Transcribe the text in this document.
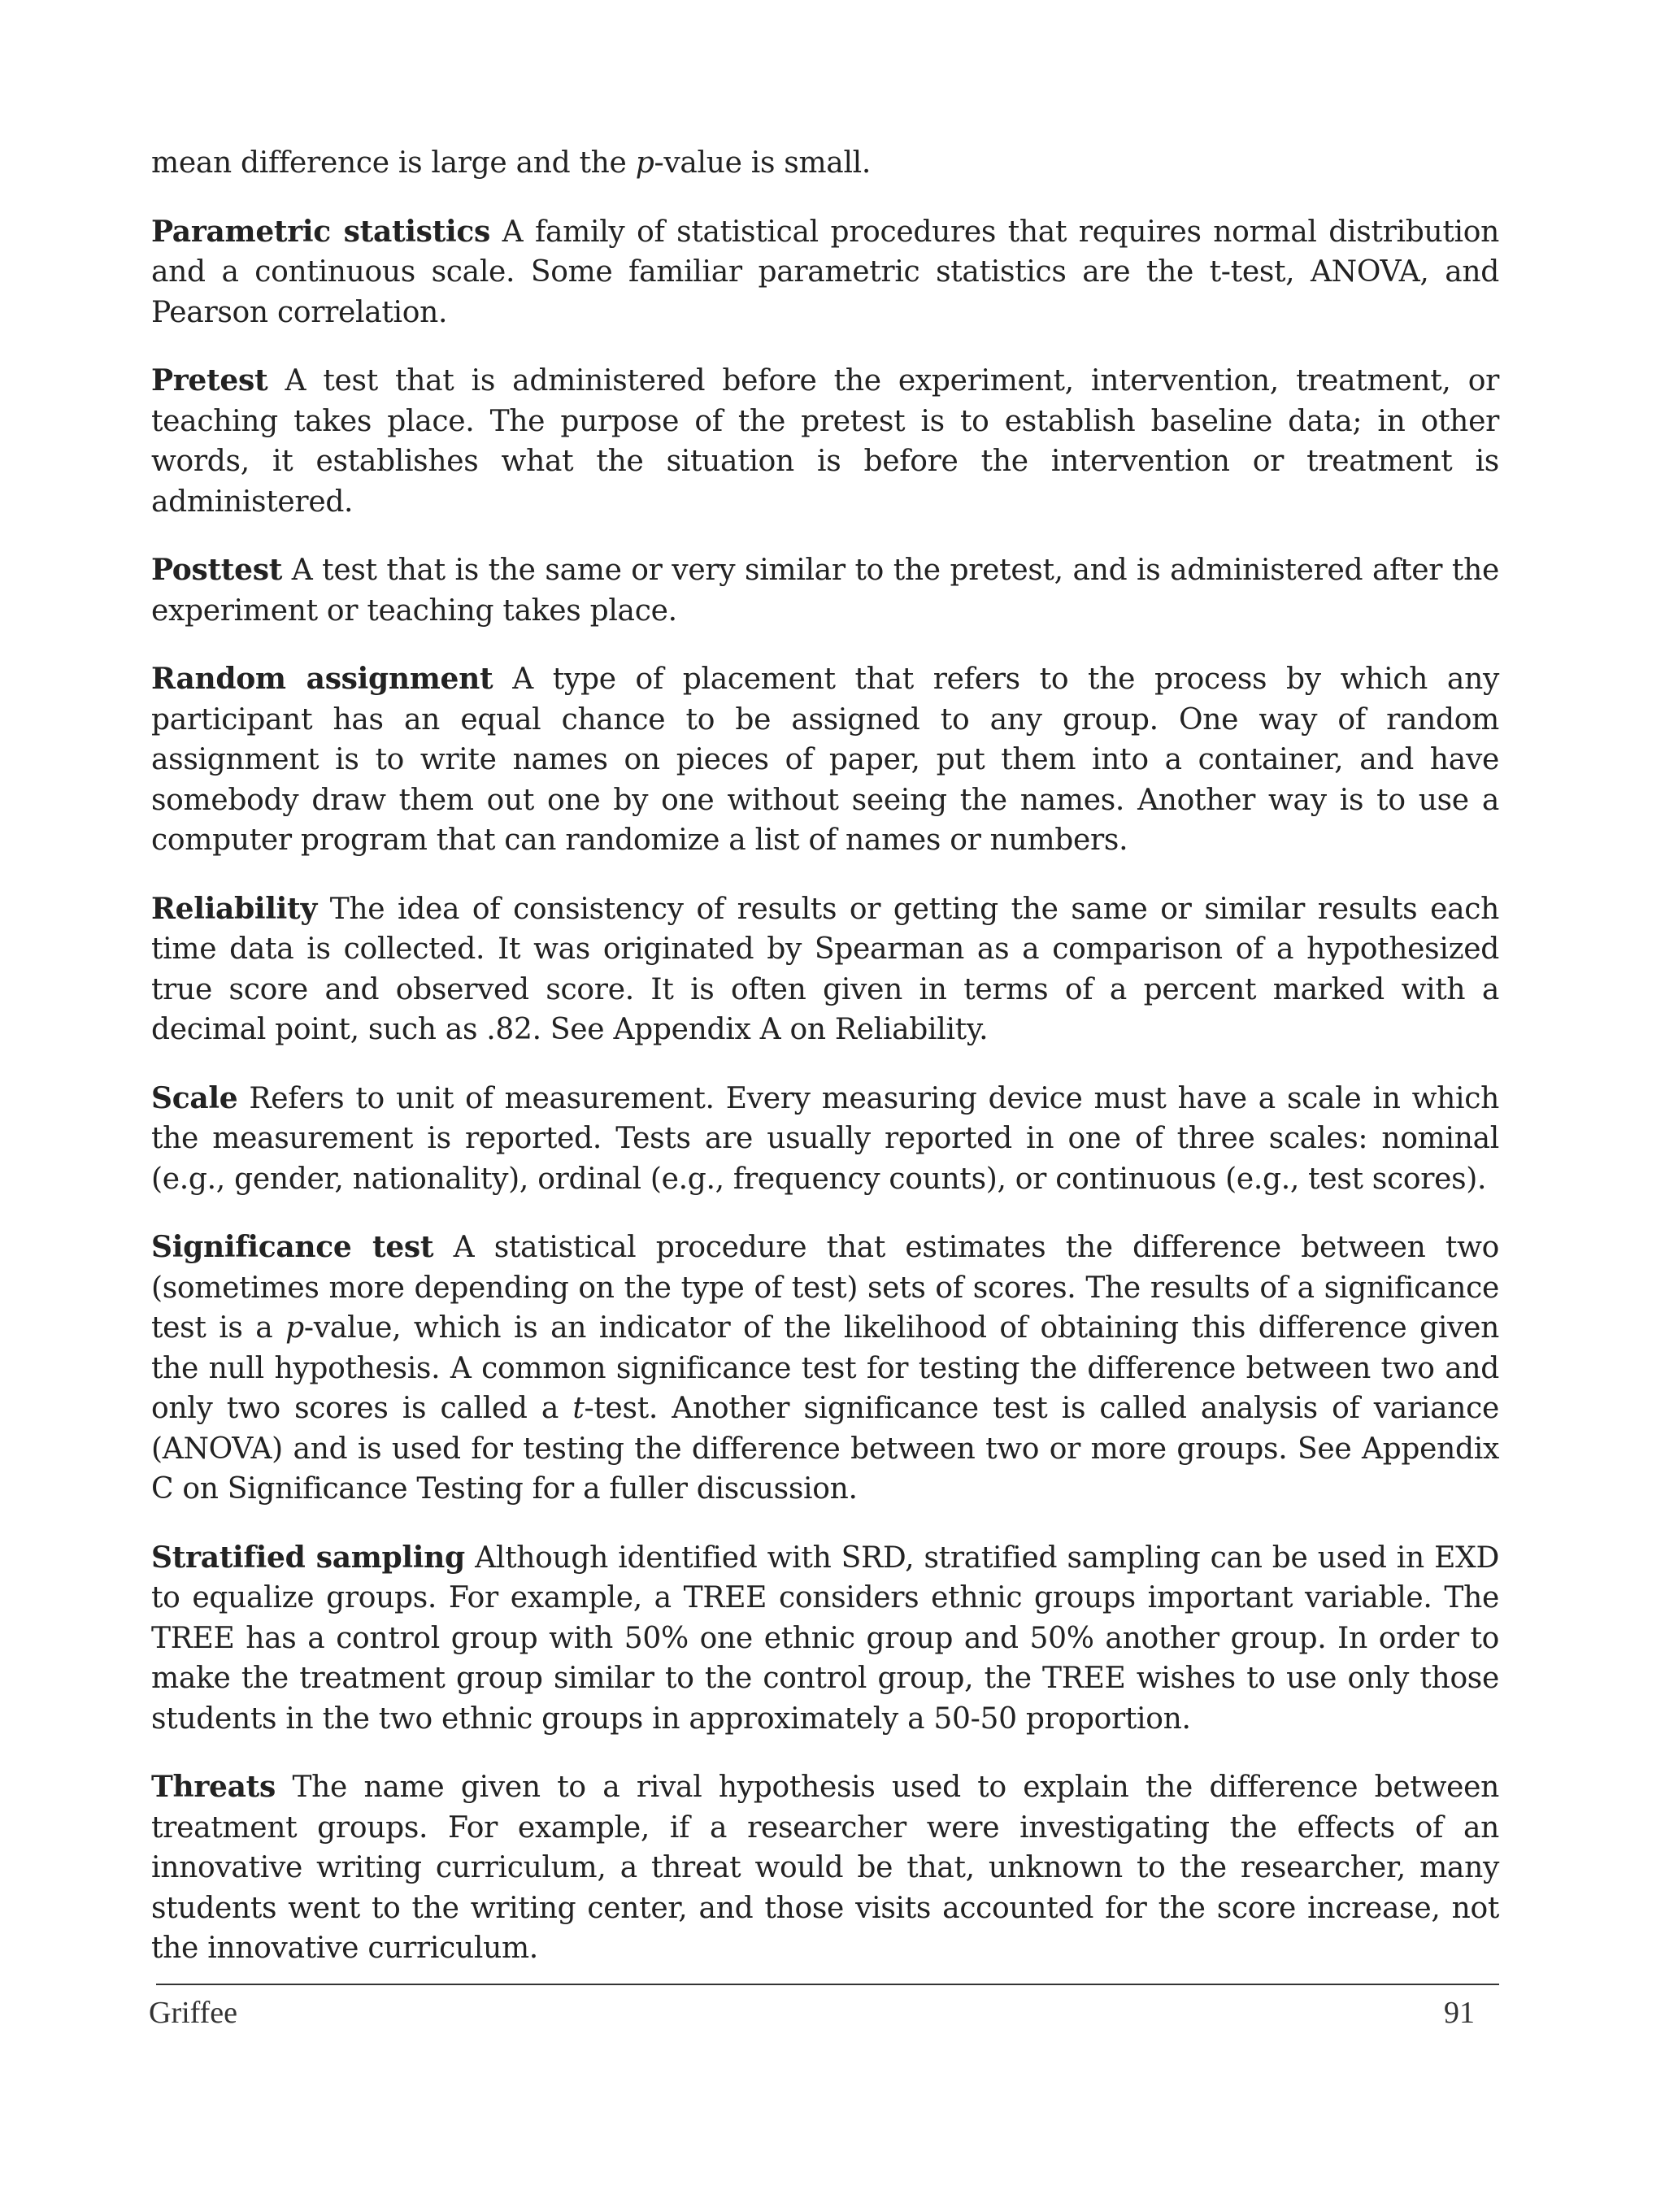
mean difference is large and the p-value is small.

Parametric statistics A family of statistical procedures that requires normal distribution and a continuous scale. Some familiar parametric statistics are the t-test, ANOVA, and Pearson correlation.

Pretest A test that is administered before the experiment, intervention, treatment, or teaching takes place. The purpose of the pretest is to establish baseline data; in other words, it establishes what the situation is before the intervention or treatment is administered.

Posttest A test that is the same or very similar to the pretest, and is administered after the experiment or teaching takes place.

Random assignment A type of placement that refers to the process by which any participant has an equal chance to be assigned to any group. One way of random assignment is to write names on pieces of paper, put them into a container, and have somebody draw them out one by one without seeing the names. Another way is to use a computer program that can randomize a list of names or numbers.

Reliability The idea of consistency of results or getting the same or similar results each time data is collected. It was originated by Spearman as a comparison of a hypothesized true score and observed score. It is often given in terms of a percent marked with a decimal point, such as .82. See Appendix A on Reliability.

Scale Refers to unit of measurement. Every measuring device must have a scale in which the measurement is reported. Tests are usually reported in one of three scales: nominal (e.g., gender, nationality), ordinal (e.g., frequency counts), or continuous (e.g., test scores).

Significance test A statistical procedure that estimates the difference between two (sometimes more depending on the type of test) sets of scores. The results of a significance test is a p-value, which is an indicator of the likelihood of obtaining this difference given the null hypothesis. A common significance test for testing the difference between two and only two scores is called a t-test. Another significance test is called analysis of variance (ANOVA) and is used for testing the difference between two or more groups. See Appendix C on Significance Testing for a fuller discussion.

Stratified sampling Although identified with SRD, stratified sampling can be used in EXD to equalize groups. For example, a TREE considers ethnic groups important variable. The TREE has a control group with 50% one ethnic group and 50% another group. In order to make the treatment group similar to the control group, the TREE wishes to use only those students in the two ethnic groups in approximately a 50-50 proportion.

Threats The name given to a rival hypothesis used to explain the difference between treatment groups. For example, if a researcher were investigating the effects of an innovative writing curriculum, a threat would be that, unknown to the researcher, many students went to the writing center, and those visits accounted for the score increase, not the innovative curriculum.

Griffee	91
